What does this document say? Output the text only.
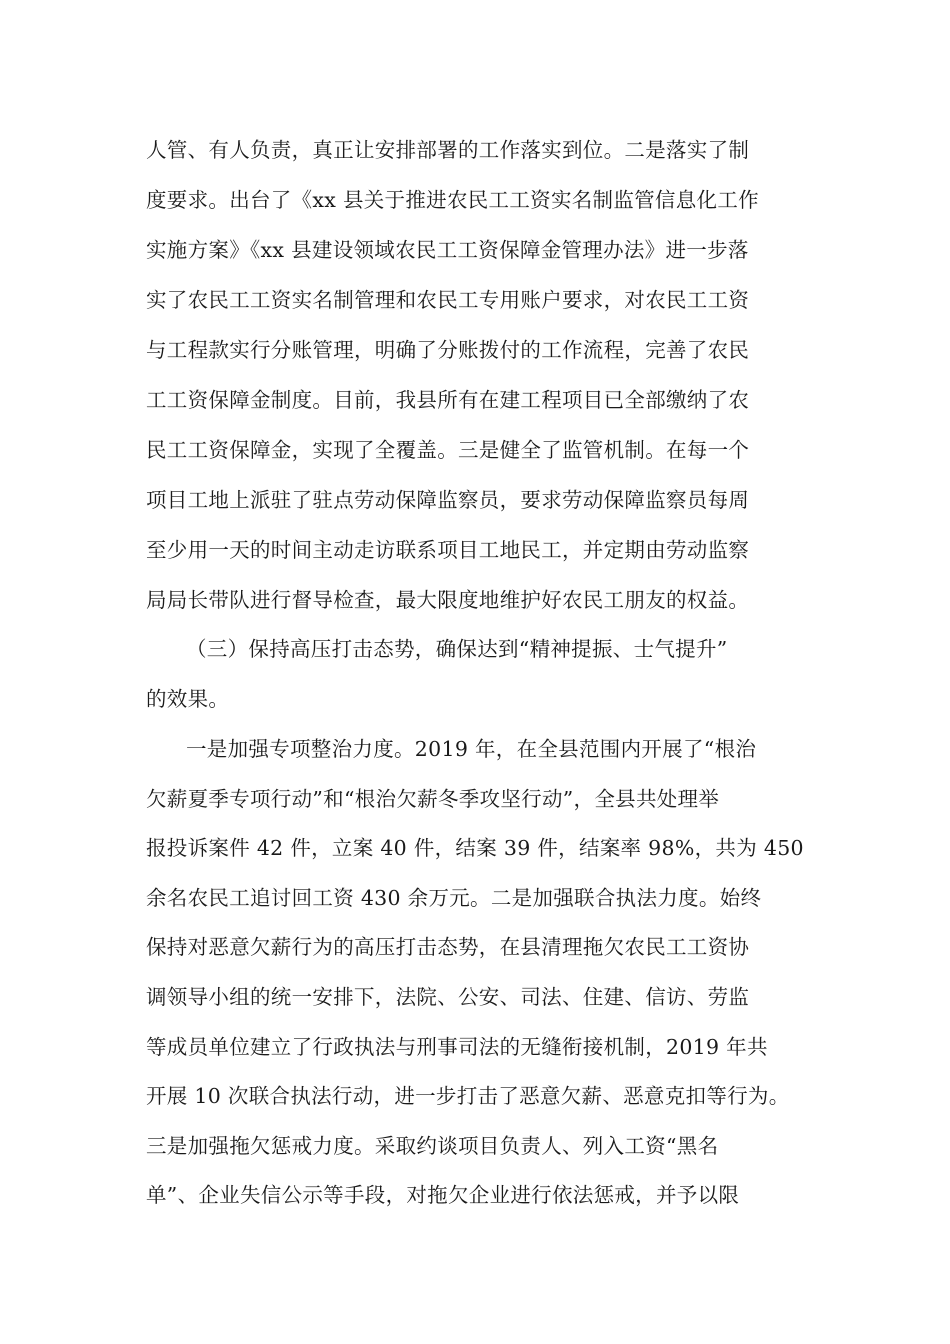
人管、有人负责，真正让安排部署的工作落实到位。二是落实了制
度要求。出台了《xx 县关于推进农民工工资实名制监管信息化工作
实施方案》《xx 县建设领域农民工工资保障金管理办法》进一步落
实了农民工工资实名制管理和农民工专用账户要求，对农民工工资
与工程款实行分账管理，明确了分账拨付的工作流程，完善了农民
工工资保障金制度。目前，我县所有在建工程项目已全部缴纳了农
民工工资保障金，实现了全覆盖。三是健全了监管机制。在每一个
项目工地上派驻了驻点劳动保障监察员，要求劳动保障监察员每周
至少用一天的时间主动走访联系项目工地民工，并定期由劳动监察
局局长带队进行督导检查，最大限度地维护好农民工朋友的权益。
（三）保持高压打击态势，确保达到“精神提振、士气提升”
的效果。
一是加强专项整治力度。2019 年，在全县范围内开展了“根治
欠薪夏季专项行动”和“根治欠薪冬季攻坚行动”，全县共处理举
报投诉案件 42 件，立案 40 件，结案 39 件，结案率 98%，共为 450
余名农民工追讨回工资 430 余万元。二是加强联合执法力度。始终
保持对恶意欠薪行为的高压打击态势，在县清理拖欠农民工工资协
调领导小组的统一安排下，法院、公安、司法、住建、信访、劳监
等成员单位建立了行政执法与刑事司法的无缝衔接机制，2019 年共
开展 10 次联合执法行动，进一步打击了恶意欠薪、恶意克扣等行为。
三是加强拖欠惩戒力度。采取约谈项目负责人、列入工资“黑名
单”、企业失信公示等手段，对拖欠企业进行依法惩戒，并予以限
